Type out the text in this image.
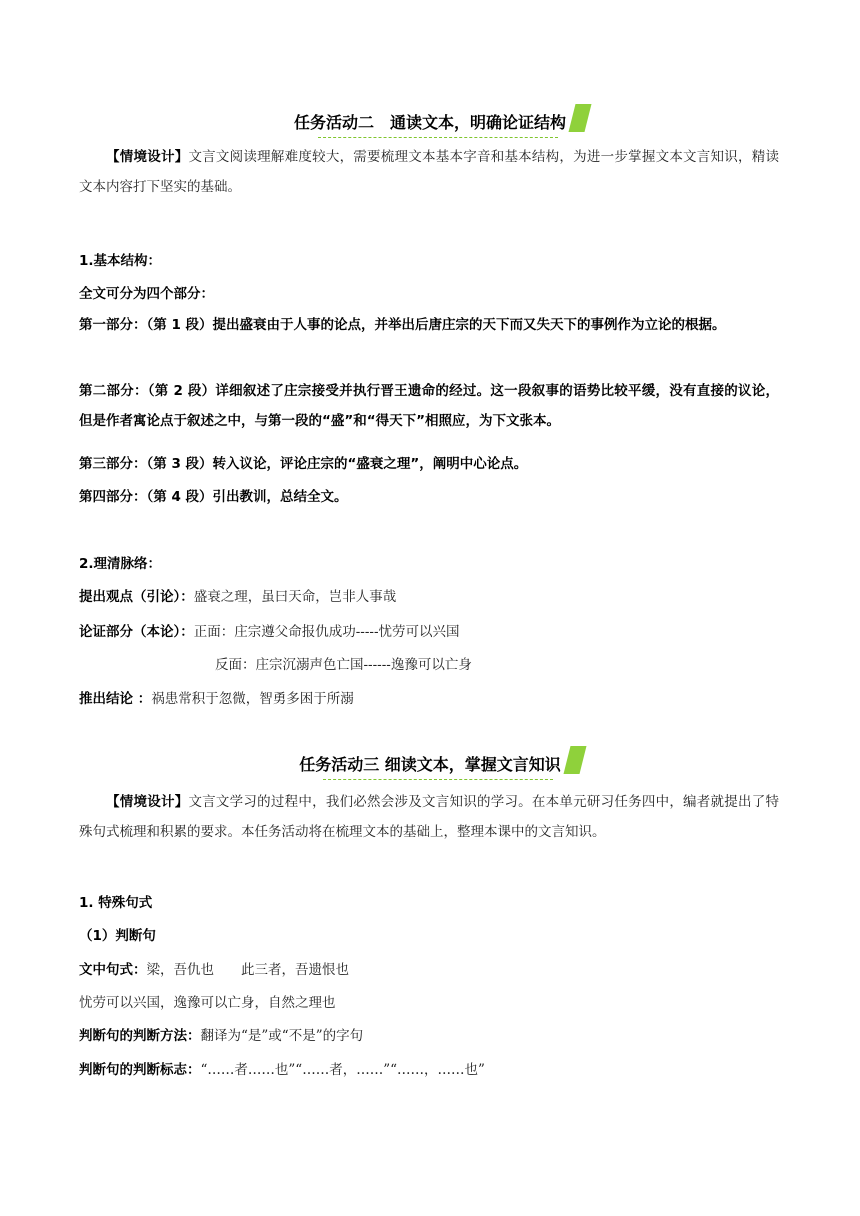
任务活动二　通读文本，明确论证结构
【情境设计】文言文阅读理解难度较大，需要梳理文本基本字音和基本结构，为进一步掌握文本文言知识，精读文本内容打下坚实的基础。
1.基本结构：
全文可分为四个部分：
第一部分：（第 1 段）提出盛衰由于人事的论点，并举出后唐庄宗的天下而又失天下的事例作为立论的根据。
第二部分：（第 2 段）详细叙述了庄宗接受并执行晋王遗命的经过。这一段叙事的语势比较平缓，没有直接的议论，但是作者寓论点于叙述之中，与第一段的“盛”和“得天下”相照应，为下文张本。
第三部分：（第 3 段）转入议论，评论庄宗的“盛衰之理”，阐明中心论点。
第四部分：（第 4 段）引出教训，总结全文。
2.理清脉络：
提出观点（引论）：盛衰之理，虽曰天命，岂非人事哉
论证部分（本论）：正面：庄宗遵父命报仇成功-----忧劳可以兴国
反面：庄宗沉溺声色亡国------逸豫可以亡身
推出结论 ：祸患常积于忽微，智勇多困于所溺
任务活动三 细读文本，掌握文言知识
【情境设计】文言文学习的过程中，我们必然会涉及文言知识的学习。在本单元研习任务四中，编者就提出了特殊句式梳理和积累的要求。本任务活动将在梳理文本的基础上，整理本课中的文言知识。
1. 特殊句式
（1）判断句
文中句式：梁，吾仇也　　此三者，吾遗恨也
忧劳可以兴国，逸豫可以亡身，自然之理也
判断句的判断方法：翻译为“是”或“不是”的字句
判断句的判断标志：“……者……也”“……者，……”“……，……也”
